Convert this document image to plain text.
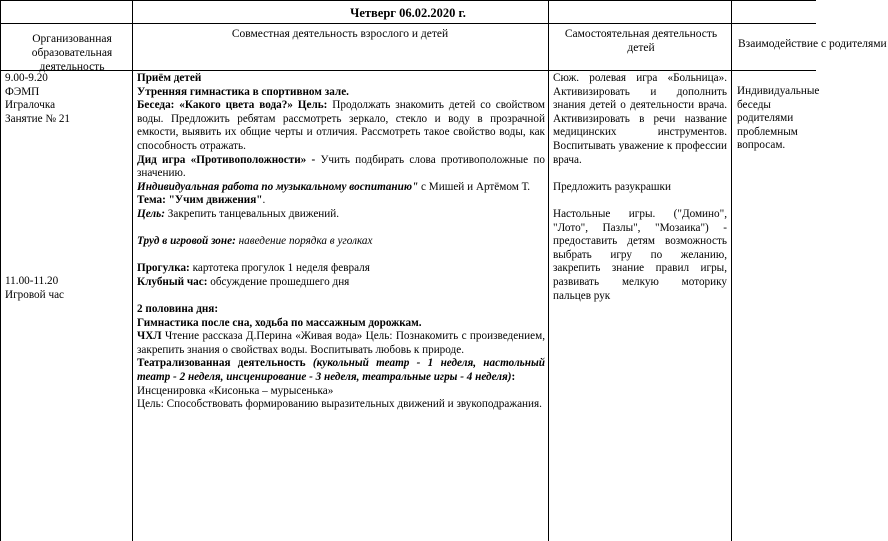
Четверг 06.02.2020 г.
Организованная образовательная деятельность
Совместная деятельность взрослого и детей	Самостоятельная деятельность детей	Взаимодействие с родителями

9.00-9.20

ФЭМП

Игралочка

Занятие № 21

11.00-11.20

Игровой час

Приём детей

Утренняя гимнастика в спортивном зале.

Беседа: «Какого цвета вода?» Цель: Продолжать знакомить детей со свойством воды. Предложить ребятам рассмотреть зеркало, стекло и воду в прозрачной емкости, выявить их общие черты и отличия. Рассмотреть такое свойство воды, как способность отражать.

Дид игра «Противоположности» - Учить подбирать слова противоположные по значению.

Индивидуальная работа по музыкальному воспитанию" с Мишей и Артёмом Т.

Тема: "Учим движения".

Цель: Закрепить танцевальных движений.

Труд в игровой зоне: наведение порядка в уголках

Прогулка: картотека прогулок 1 неделя февраля

Клубный час: обсуждение прошедшего дня

2 половина дня:

Гимнастика после сна, ходьба по массажным дорожкам.

ЧХЛ Чтение рассказа Д.Перина «Живая вода» Цель: Познакомить с произведением, закрепить знания о свойствах воды. Воспитывать любовь к природе.

Театрализованная деятельность (кукольный театр - 1 неделя, настольный театр - 2 неделя, инсценирование - 3 неделя, театральные игры - 4 неделя):

Инсценировка «Кисонька – мурысенька»

Цель: Способствовать формированию выразительных движений и звукоподражания.

Сюж. ролевая игра «Больница». Активизировать и дополнить знания детей о деятельности врача. Активизировать в речи название медицинских инструментов. Воспитывать уважение к профессии врача.

Предложить разукрашки

Настольные игры. ("Домино", "Лото", Пазлы", "Мозаика") - предоставить детям возможность выбрать игру по желанию, закрепить знание правил игры, развивать мелкую моторику пальцев рук

Индивидуальные беседы родителями проблемным вопросам.
